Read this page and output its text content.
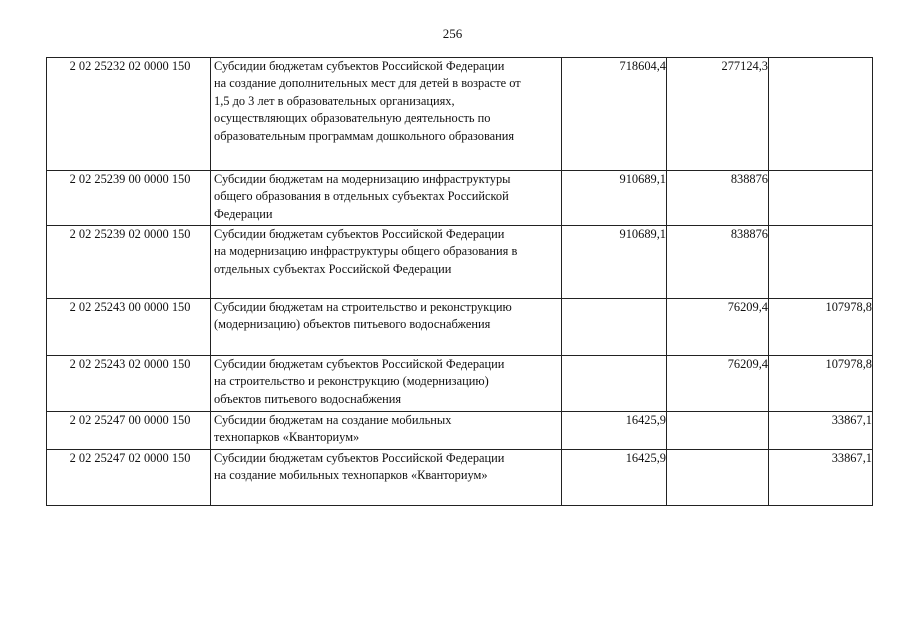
256
2 02 25232 02 0000 150	Субсидии бюджетам субъектов Российской Федерации
на создание дополнительных мест для детей в возрасте от
1,5 до 3 лет в образовательных организациях,
осуществляющих образовательную деятельность по
образовательным программам дошкольного образования	718604,4	277124,3	
2 02 25239 00 0000 150	Субсидии бюджетам на модернизацию инфраструктуры
общего образования в отдельных субъектах Российской
Федерации	910689,1	838876	
2 02 25239 02 0000 150	Субсидии бюджетам субъектов Российской Федерации
на модернизацию инфраструктуры общего образования в
отдельных субъектах Российской Федерации	910689,1	838876	
2 02 25243 00 0000 150	Субсидии бюджетам на строительство и реконструкцию
(модернизацию) объектов питьевого водоснабжения		76209,4	107978,8
2 02 25243 02 0000 150	Субсидии бюджетам субъектов Российской Федерации
на строительство и реконструкцию (модернизацию)
объектов питьевого водоснабжения		76209,4	107978,8
2 02 25247 00 0000 150	Субсидии бюджетам на создание мобильных
технопарков «Кванториум»	16425,9		33867,1
2 02 25247 02 0000 150	Субсидии бюджетам субъектов Российской Федерации
на создание мобильных технопарков «Кванториум»	16425,9		33867,1
